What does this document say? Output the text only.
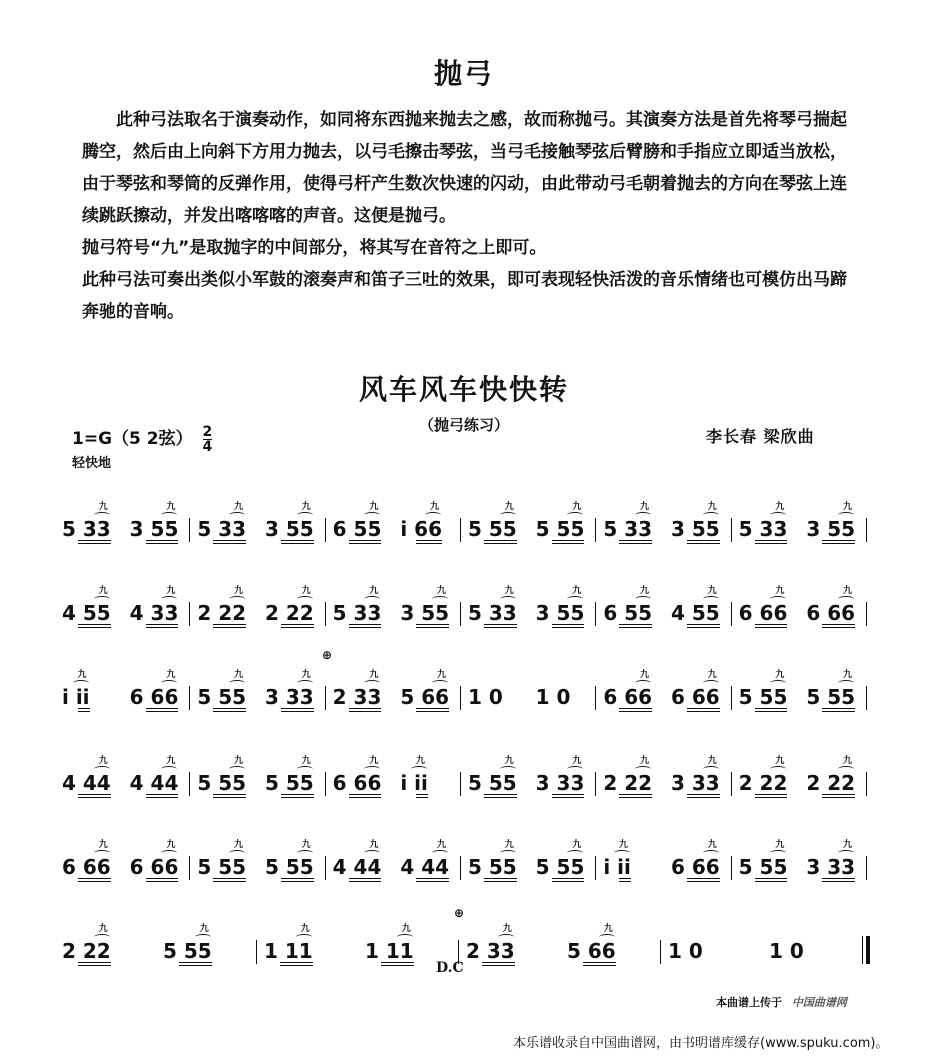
抛弓
此种弓法取名于演奏动作，如同将东西抛来抛去之感，故而称抛弓。其演奏方法是首先将琴弓揣起腾空，然后由上向斜下方用力抛去，以弓毛擦击琴弦，当弓毛接触琴弦后臂膀和手指应立即适当放松，由于琴弦和琴筒的反弹作用，使得弓杆产生数次快速的闪动，由此带动弓毛朝着抛去的方向在琴弦上连续跳跃擦动，并发出喀喀喀的声音。这便是抛弓。
抛弓符号“九”是取抛字的中间部分，将其写在音符之上即可。
此种弓法可奏出类似小军鼓的滚奏声和笛子三吐的效果，即可表现轻快活泼的音乐情绪也可模仿出马蹄奔驰的音响。
风车风车快快转
（抛弓练习）
1=G（5 2弦） $\frac{2}{4}$
轻快地
李长春 梁欣曲
九
5 33
九
3 55
九
5 33
九
3 55
九
6 55
九
i 66
九
5 55
九
5 55
九
5 33
九
3 55
九
5 33
九
3 55
九
4 55
九
4 33
九
2 22
九
2 22
九
5 33
九
3 55
九
5 33
九
3 55
九
6 55
九
4 55
九
6 66
九
6 66
九
i ii
九
6 66
九
5 55
九
3 33
九
2 33
九
5 66 1 0 1 0
九
6 66
九
6 66
九
5 55
九
5 55
九
4 44
九
4 44
九
5 55
九
5 55
九
6 66
九
i ii
九
5 55
九
3 33
九
2 22
九
3 33
九
2 22
九
2 22
九
6 66
九
6 66
九
5 55
九
5 55
九
4 44
九
4 44
九
5 55
九
5 55
九
i ii
九
6 66
九
5 55
九
3 33
九
2 22
九
5 55
九
1 11
九
1 11
九
2 33
九
5 66	1 0	1 0
⊕
⊕
D.C
本曲谱上传于 中国曲谱网
本乐谱收录自中国曲谱网，由书明谱库缓存(www.spuku.com)。
